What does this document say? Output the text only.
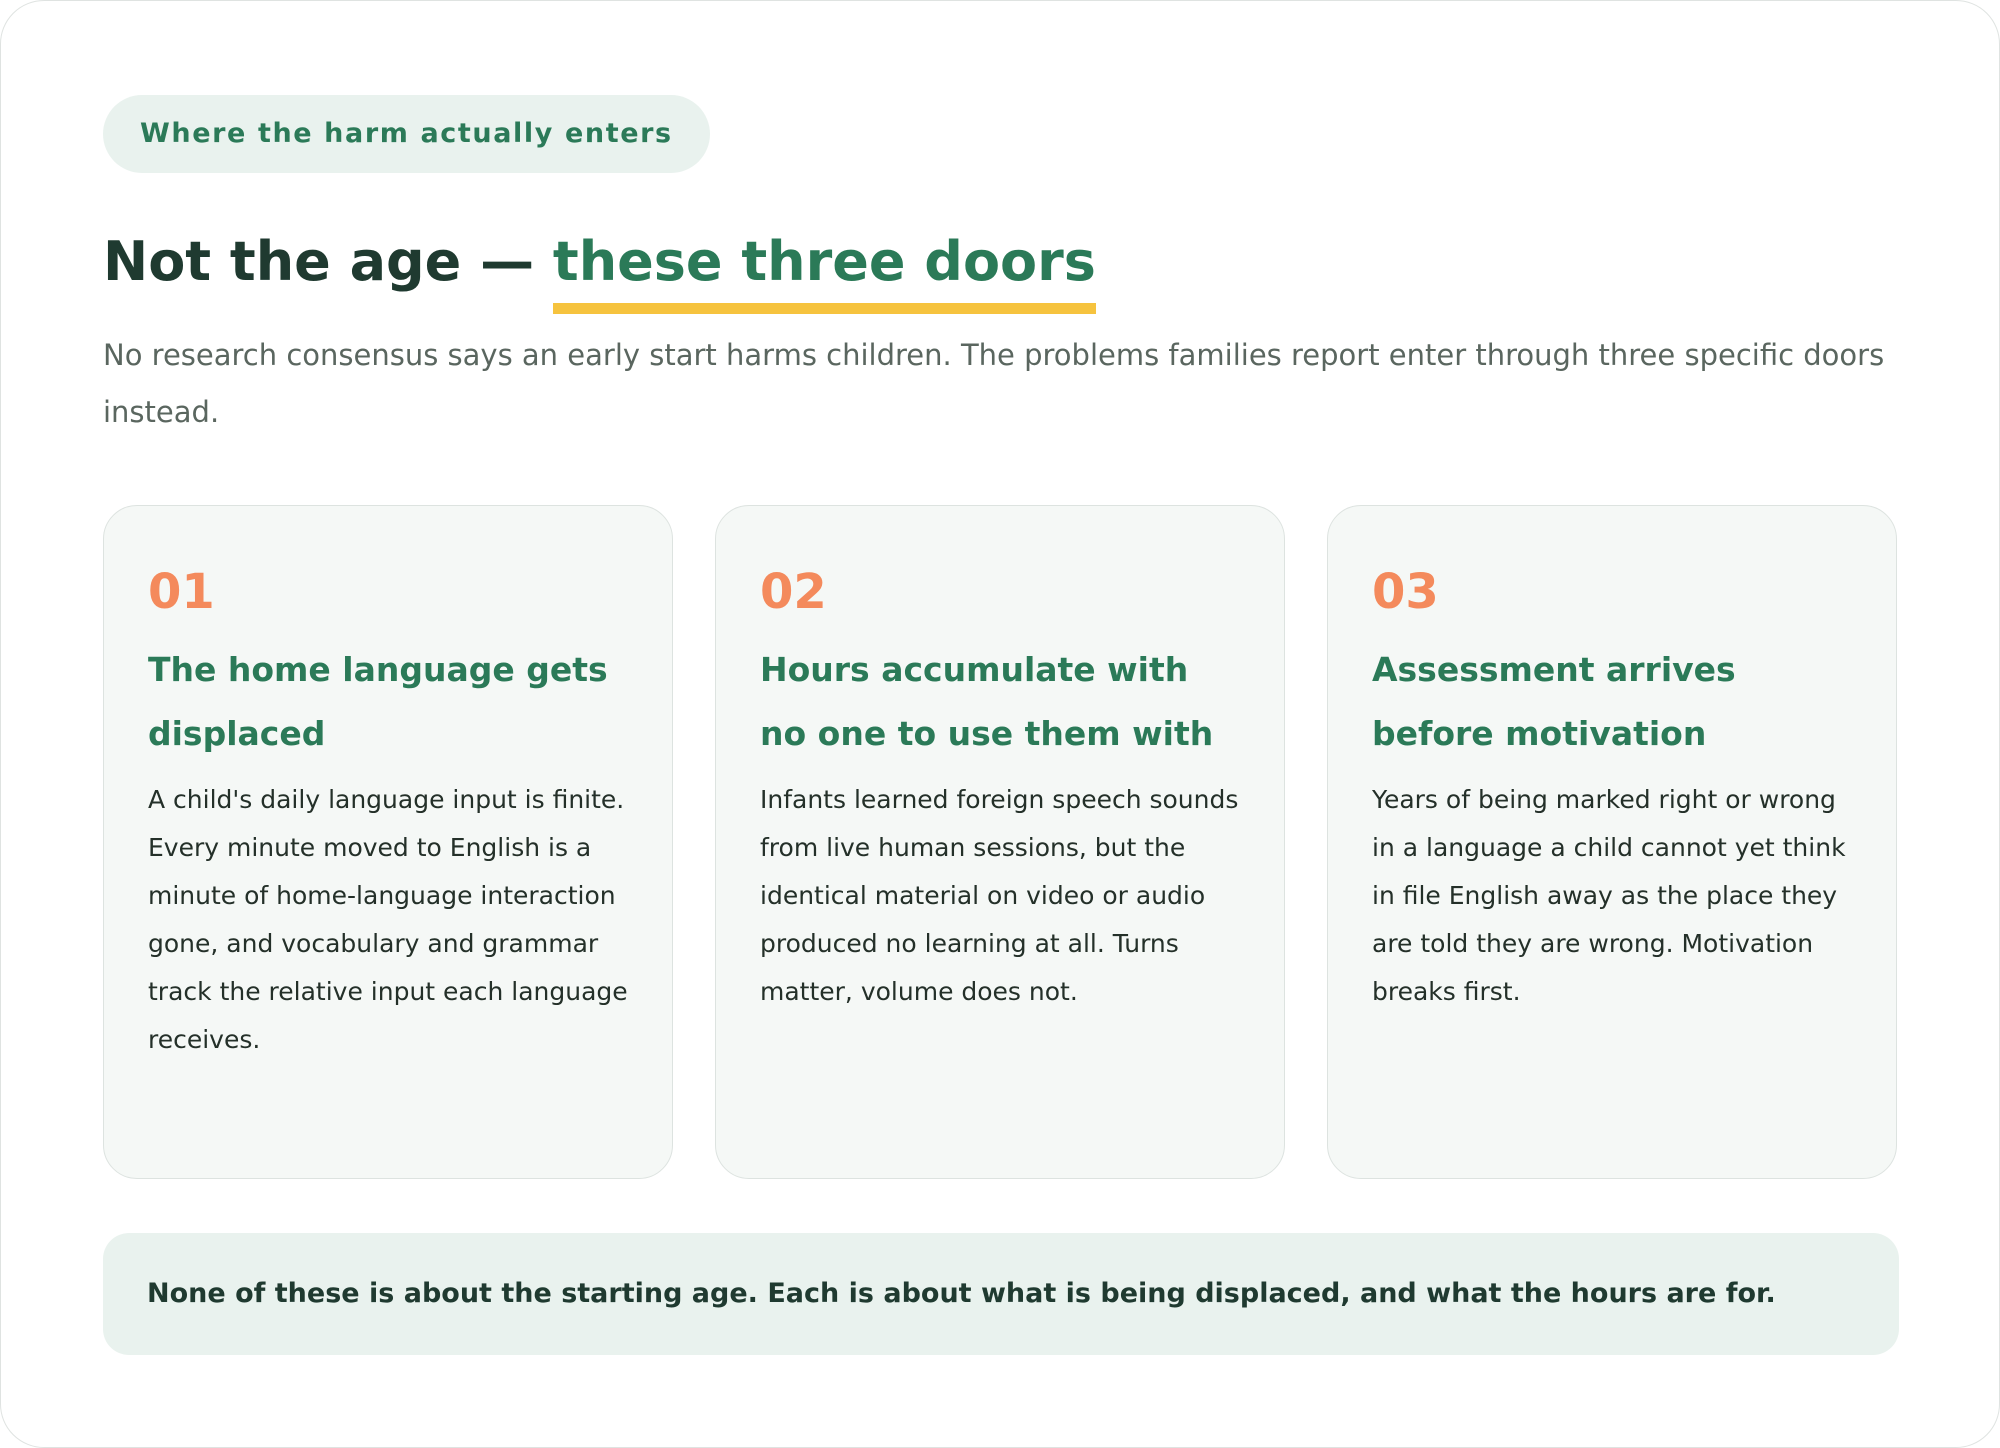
Where the harm actually enters
Not the age — these three doors
No research consensus says an early start harms children. The problems families report enter through three specific doors instead.
01
The home language gets displaced
A child's daily language input is finite. Every minute moved to English is a minute of home-language interaction gone, and vocabulary and grammar track the relative input each language receives.
02
Hours accumulate with no one to use them with
Infants learned foreign speech sounds from live human sessions, but the identical material on video or audio produced no learning at all. Turns matter, volume does not.
03
Assessment arrives before motivation
Years of being marked right or wrong in a language a child cannot yet think in file English away as the place they are told they are wrong. Motivation breaks first.
None of these is about the starting age. Each is about what is being displaced, and what the hours are for.
